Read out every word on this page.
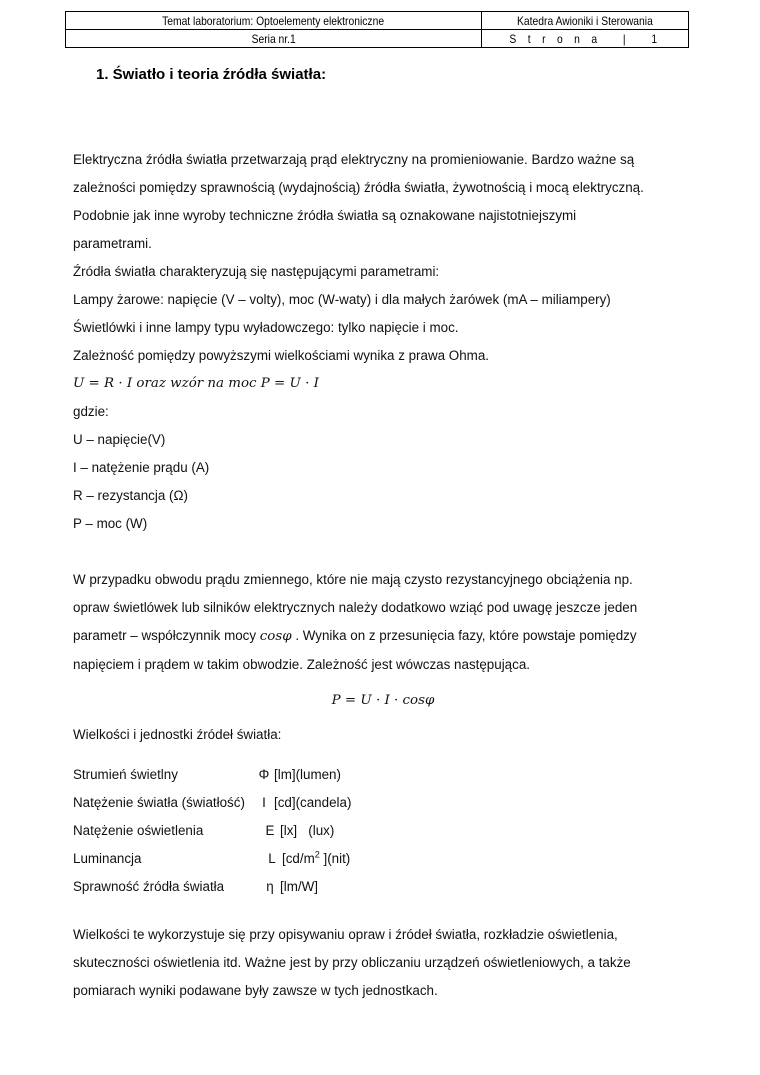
Temat laboratorium: Optoelementy elektroniczne	Katedra Awioniki i Sterowania
Seria nr.1	S t r o n a   |   1
1. Światło i teoria źródła światła:

Elektryczna źródła światła przetwarzają prąd elektryczny na promieniowanie. Bardzo ważne są

zależności pomiędzy sprawnością (wydajnością) źródła światła, żywotnością i mocą elektryczną.

Podobnie jak inne wyroby techniczne źródła światła są oznakowane najistotniejszymi

parametrami.

Źródła światła charakteryzują się następującymi parametrami:

Lampy żarowe: napięcie (V – volty), moc (W-waty) i dla małych żarówek (mA – miliampery)

Świetlówki i inne lampy typu wyładowczego: tylko napięcie i moc.

Zależność pomiędzy powyższymi wielkościami wynika z prawa Ohma.

U = R · I oraz wzór na moc P = U · I

gdzie:

U – napięcie(V)

I – natężenie prądu (A)

R – rezystancja (Ω)

P – moc (W)

W przypadku obwodu prądu zmiennego, które nie mają czysto rezystancyjnego obciążenia np.

opraw świetlówek lub silników elektrycznych należy dodatkowo wziąć pod uwagę jeszcze jeden

parametr – współczynnik mocy cosφ . Wynika on z przesunięcia fazy, które powstaje pomiędzy

napięciem i prądem w takim obwodzie. Zależność jest wówczas następująca.

P = U · I · cosφ

Wielkości i jednostki źródeł światła:

Strumień świetlny	Φ [lm](lumen)
Natężenie światła (światłość)	I [cd](candela)
Natężenie oświetlenia	E [lx]   (lux)
Luminancja	L [$cd/m^2$ ](nit)
Sprawność źródła światła	η [lm/W]

Wielkości te wykorzystuje się przy opisywaniu opraw i źródeł światła, rozkładzie oświetlenia,

skuteczności oświetlenia itd. Ważne jest by przy obliczaniu urządzeń oświetleniowych, a także

pomiarach wyniki podawane były zawsze w tych jednostkach.
